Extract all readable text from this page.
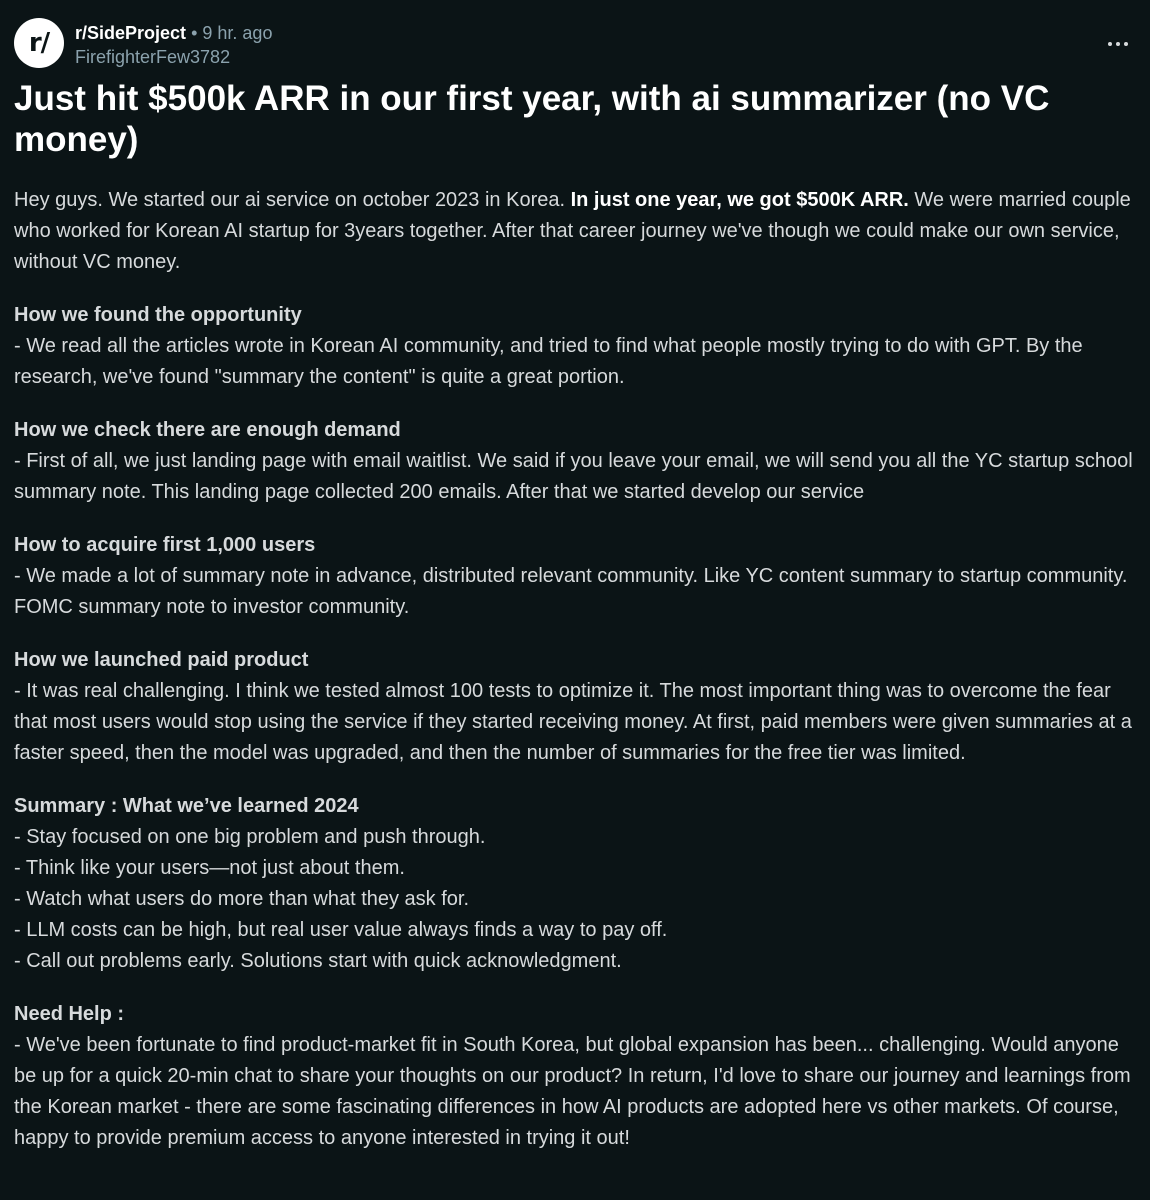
r/	r/SideProject • 9 hr. ago
FirefighterFew3782
Just hit $500k ARR in our first year, with ai summarizer (no VC money)

Hey guys. We started our ai service on october 2023 in Korea. In just one year, we got $500K ARR. We were married couple who worked for Korean AI startup for 3years together. After that career journey we've though we could make our own service, without VC money.

How we found the opportunity
- We read all the articles wrote in Korean AI community, and tried to find what people mostly trying to do with GPT. By the research, we've found "summary the content" is quite a great portion.

How we check there are enough demand
- First of all, we just landing page with email waitlist. We said if you leave your email, we will send you all the YC startup school summary note. This landing page collected 200 emails. After that we started develop our service

How to acquire first 1,000 users
- We made a lot of summary note in advance, distributed relevant community. Like YC content summary to startup community. FOMC summary note to investor community.

How we launched paid product
- It was real challenging. I think we tested almost 100 tests to optimize it. The most important thing was to overcome the fear that most users would stop using the service if they started receiving money. At first, paid members were given summaries at a faster speed, then the model was upgraded, and then the number of summaries for the free tier was limited.

Summary : What we’ve learned 2024
- Stay focused on one big problem and push through.
- Think like your users—not just about them.
- Watch what users do more than what they ask for.
- LLM costs can be high, but real user value always finds a way to pay off.
- Call out problems early. Solutions start with quick acknowledgment.

Need Help :
- We've been fortunate to find product-market fit in South Korea, but global expansion has been... challenging. Would anyone be up for a quick 20-min chat to share your thoughts on our product? In return, I'd love to share our journey and learnings from the Korean market - there are some fascinating differences in how AI products are adopted here vs other markets. Of course, happy to provide premium access to anyone interested in trying it out!
